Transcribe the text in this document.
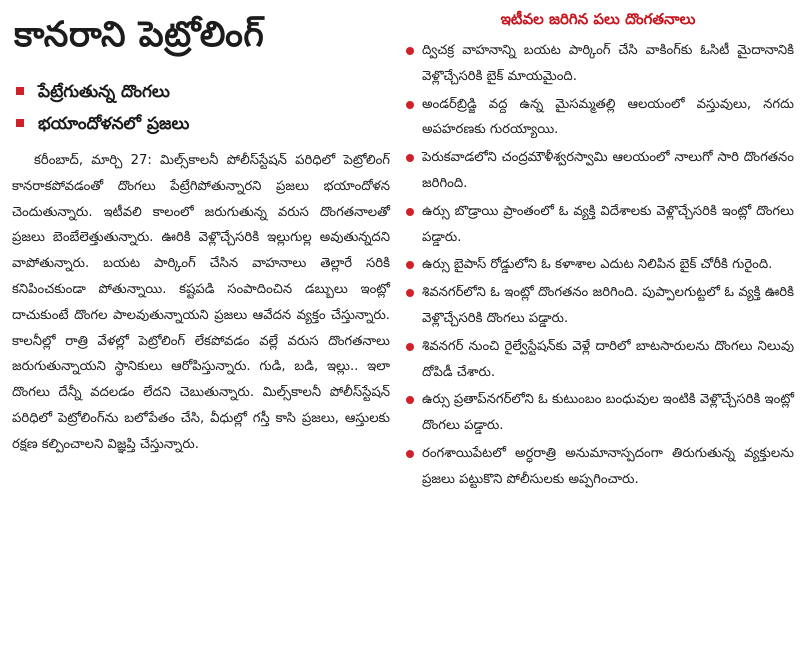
కానరాని పెట్రోలింగ్
పేట్రేగుతున్న దొంగలు
భయాందోళనలో ప్రజలు

కరీంబాద్, మార్చి 27: మిల్స్‌కాలనీ పోలీస్‌స్టేషన్ పరిధిలో పెట్రోలింగ్ కానరాకపోవడంతో దొంగలు పేట్రేగిపోతున్నారని ప్రజలు భయాందోళన చెందుతున్నారు. ఇటీవలి కాలంలో జరుగుతున్న వరుస దొంగతనాలతో ప్రజలు బెంబేలెత్తుతున్నారు. ఊరికి వెళ్లొచ్చేసరికి ఇల్లుగుల్ల అవుతున్నదని వాపోతున్నారు. బయట పార్కింగ్ చేసిన వాహనాలు తెల్లారే సరికి కనిపించకుండా పోతున్నాయి. కష్టపడి సంపాదించిన డబ్బులు ఇంట్లో దాచుకుంటే దొంగల పాలవుతున్నాయని ప్రజలు ఆవేదన వ్యక్తం చేస్తున్నారు. కాలనీల్లో రాత్రి వేళల్లో పెట్రోలింగ్ లేకపోవడం వల్లే వరుస దొంగతనాలు జరుగుతున్నాయని స్థానికులు ఆరోపిస్తున్నారు. గుడి, బడి, ఇల్లు.. ఇలా దొంగలు దేన్నీ వదలడం లేదని చెబుతున్నారు. మిల్స్‌కాలనీ పోలీస్‌స్టేషన్ పరిధిలో పెట్రోలింగ్‌ను బలోపేతం చేసి, వీధుల్లో గస్తీ కాసి ప్రజలు, ఆస్తులకు రక్షణ కల్పించాలని విజ్ఞప్తి చేస్తున్నారు.

ఇటీవల జరిగిన పలు దొంగతనాలు
ద్విచక్ర వాహనాన్ని బయట పార్కింగ్ చేసి వాకింగ్‌కు ఓసిటీ మైదానానికి వెళ్లొచ్చేసరికి బైక్ మాయమైంది.
అండర్‌బ్రిడ్జి వద్ద ఉన్న మైసమ్మతల్లి ఆలయంలో వస్తువులు, నగదు అపహరణకు గురయ్యాయి.
పెరుకవాడలోని చంద్రమౌళీశ్వరస్వామి ఆలయంలో నాలుగో సారి దొంగతనం జరిగింది.
ఉర్సు బొడ్రాయి ప్రాంతంలో ఓ వ్యక్తి విదేశాలకు వెళ్లొచ్చేసరికి ఇంట్లో దొంగలు పడ్డారు.
ఉర్సు బైపాస్ రోడ్డులోని ఓ కళాశాల ఎదుట నిలిపిన బైక్ చోరీకి గురైంది.
శివనగర్‌లోని ఓ ఇంట్లో దొంగతనం జరిగింది. పుప్పాలగుట్టలో ఓ వ్యక్తి ఊరికి వెళ్లొచ్చేసరికి దొంగలు పడ్డారు.
శివనగర్ నుంచి రైల్వేస్టేషన్‌కు వెళ్లే దారిలో బాటసారులను దొంగలు నిలువు దోపిడీ చేశారు.
ఉర్సు ప్రతాప్‌నగర్‌లోని ఓ కుటుంబం బంధువుల ఇంటికి వెళ్లొచ్చేసరికి ఇంట్లో దొంగలు పడ్డారు.
రంగశాయిపేటలో అర్ధరాత్రి అనుమానాస్పదంగా తిరుగుతున్న వ్యక్తులను ప్రజలు పట్టుకొని పోలీసులకు అప్పగించారు.
